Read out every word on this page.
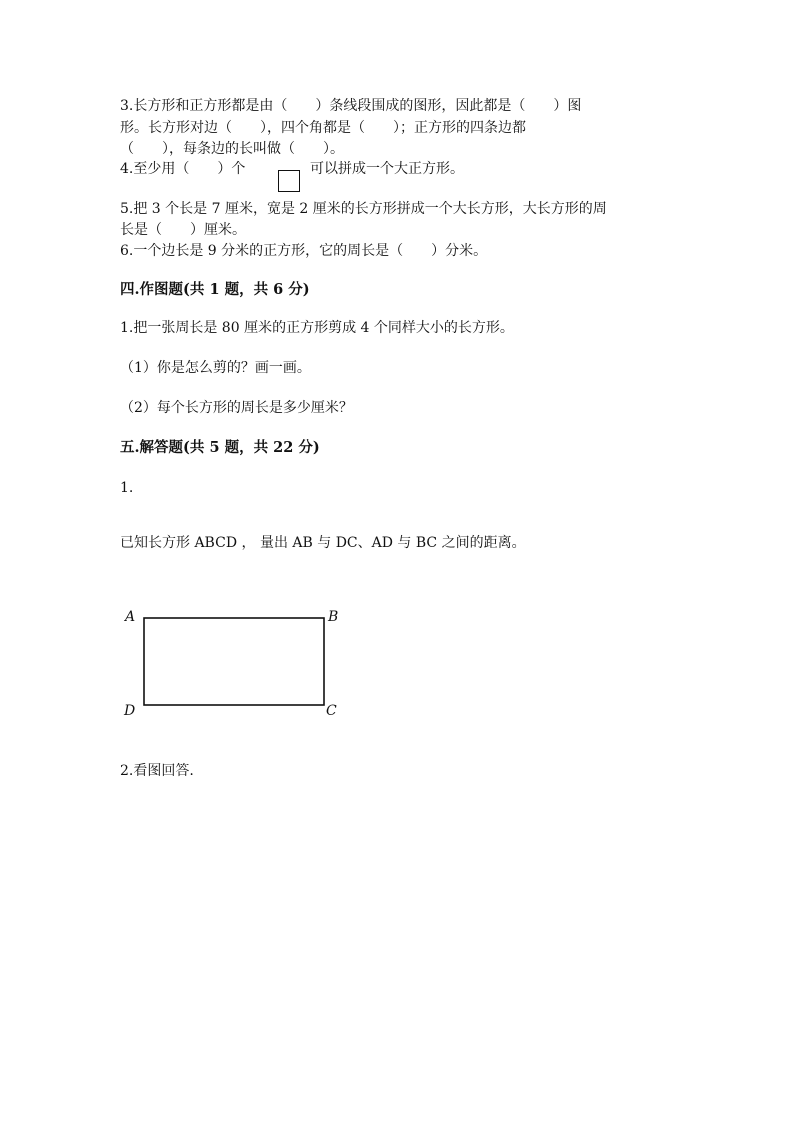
3.长方形和正方形都是由（　　）条线段围成的图形，因此都是（　　）图
形。长方形对边（　　），四个角都是（　　）；正方形的四条边都
（　　），每条边的长叫做（　　）。
4.至少用（　　）个	可以拼成一个大正方形。
5.把 3 个长是 7 厘米，宽是 2 厘米的长方形拼成一个大长方形，大长方形的周
长是（　　）厘米。
6.一个边长是 9 分米的正方形，它的周长是（　　）分米。
四.作图题(共 1 题，共 6 分)
1.把一张周长是 80 厘米的正方形剪成 4 个同样大小的长方形。
（1）你是怎么剪的？画一画。
（2）每个长方形的周长是多少厘米？
五.解答题(共 5 题，共 22 分)
1.
已知长方形 ABCD ， 量出 AB 与 DC、AD 与 BC 之间的距离。
A	B
C
D
2.看图回答.
